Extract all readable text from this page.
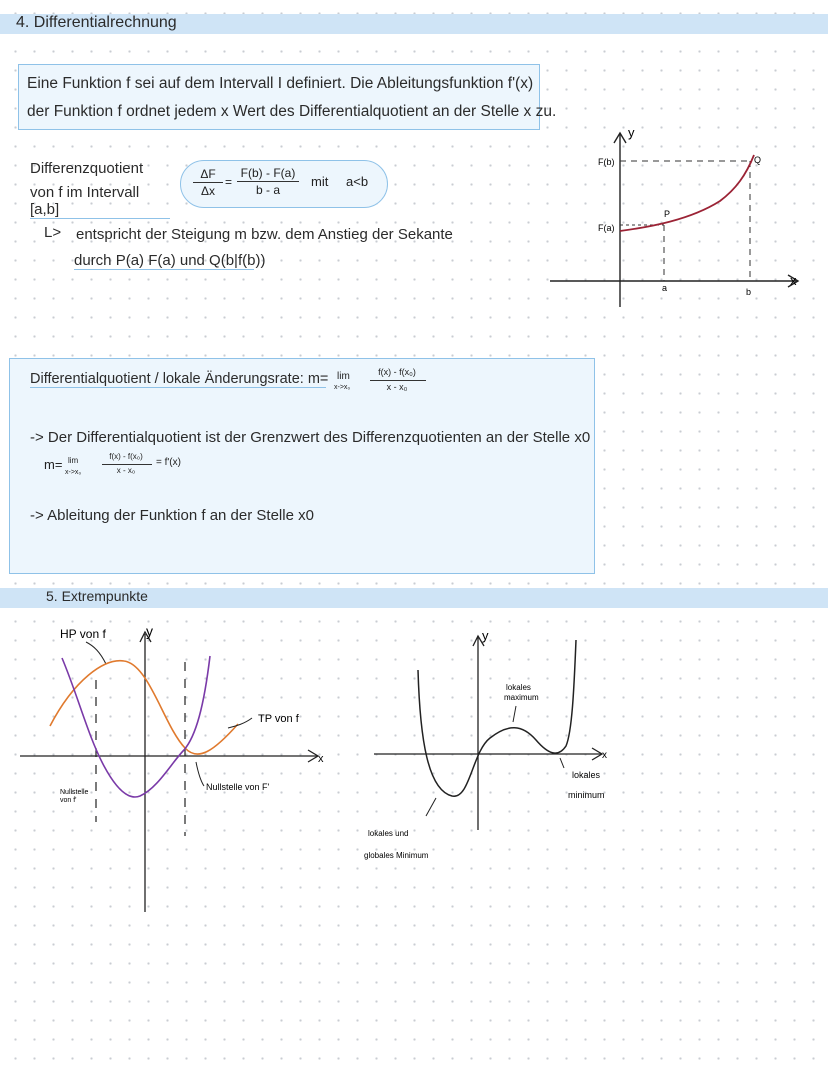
4. Differentialrechnung
Eine Funktion f sei auf dem Intervall I definiert. Die Ableitungsfunktion f'(x)
der Funktion f ordnet jedem x Wert des Differentialquotient an der Stelle x zu.
Differenzquotient
von f im Intervall [a,b]
ΔF
Δx
=
F(b) - F(a)
b - a
mit a<b
L> entspricht der Steigung m bzw. dem Anstieg der Sekante
durch P(a) F(a) und Q(b|f(b))
y
x
F(b)
F(a)
P
Q
a	b
Differentialquotient / lokale Änderungsrate: m= lim
x->x₀
f(x) - f(x₀)
x - x₀
-> Der Differentialquotient ist der Grenzwert des Differenzquotienten an der Stelle x0
m= lim
x->x₀
f(x) - f(x₀)
x - x₀
= f'(x)
-> Ableitung der Funktion f an der Stelle x0
5. Extrempunkte
HP von f	y
x
TP von f
Nullstelle
von f'
Nullstelle von F'
y
x
lokales
maximum
lokales
minimum
lokales und
globales Minimum
